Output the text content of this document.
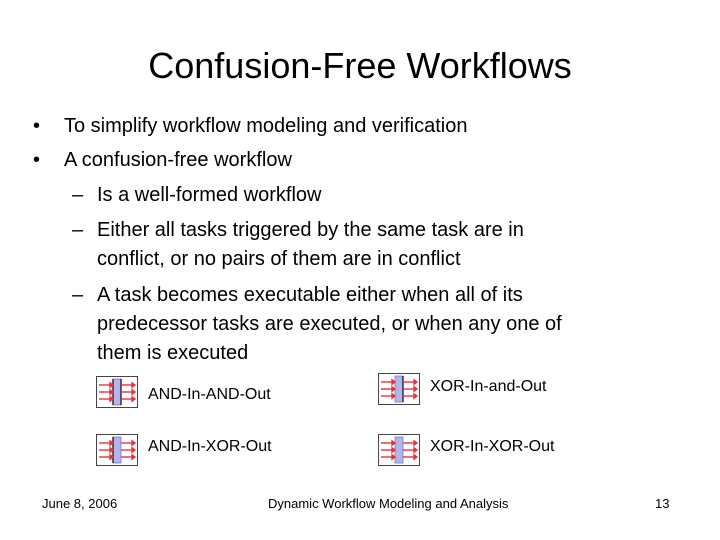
Confusion-Free Workflows
• To simplify workflow modeling and verification
• A confusion-free workflow
– Is a well-formed workflow
– Either all tasks triggered by the same task are in
conflict, or no pairs of them are in conflict
– A task becomes executable either when all of its
predecessor tasks are executed, or when any one of
them is executed
AND-In-AND-Out	XOR-In-and-Out
AND-In-XOR-Out	XOR-In-XOR-Out
June 8, 2006	Dynamic Workflow Modeling and Analysis	13
